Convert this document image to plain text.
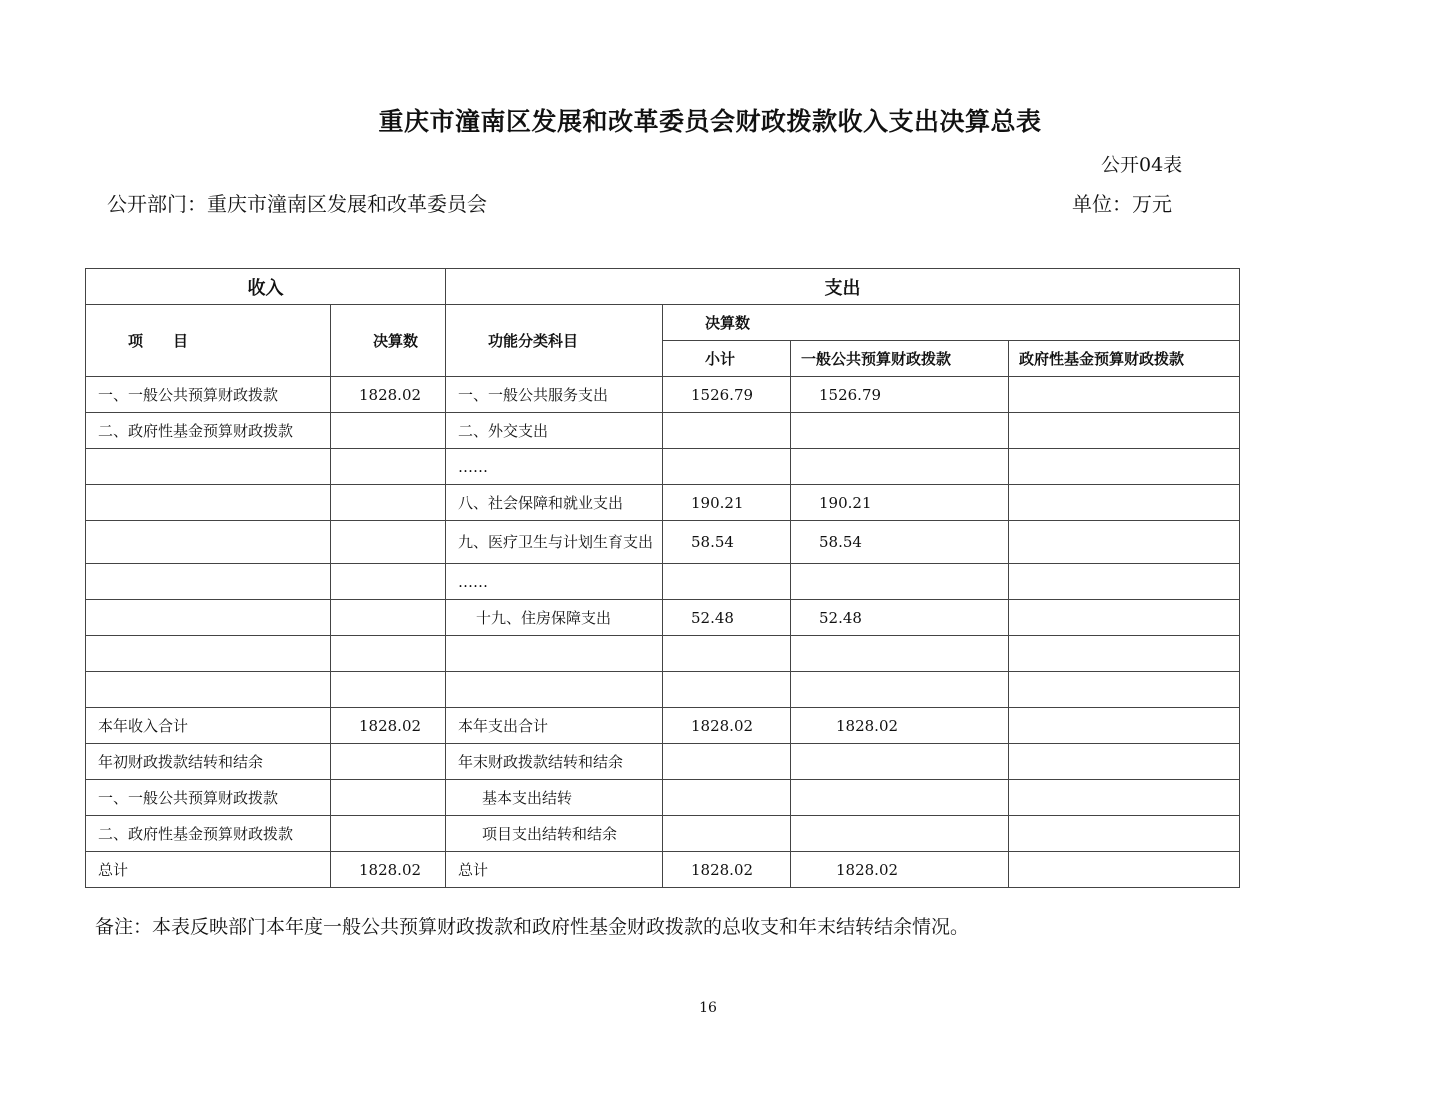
重庆市潼南区发展和改革委员会财政拨款收入支出决算总表
公开04表
公开部门：重庆市潼南区发展和改革委员会	单位：万元
收入		支出			
项　　目	决算数	功能分类科目	决算数		
			小计	一般公共预算财政拨款	政府性基金预算财政拨款
一、一般公共预算财政拨款	1828.02	一、一般公共服务支出	1526.79	1526.79	
二、政府性基金预算财政拨款		二、外交支出			
		……			
		八、社会保障和就业支出	190.21	190.21	
		九、医疗卫生与计划生育支出	58.54	58.54	
		……			
		十九、住房保障支出	52.48	52.48	

本年收入合计	1828.02	本年支出合计	1828.02	1828.02	
年初财政拨款结转和结余		年末财政拨款结转和结余			
一、一般公共预算财政拨款		基本支出结转			
二、政府性基金预算财政拨款		项目支出结转和结余			
总计	1828.02	总计	1828.02	1828.02	
备注：本表反映部门本年度一般公共预算财政拨款和政府性基金财政拨款的总收支和年末结转结余情况。
16
